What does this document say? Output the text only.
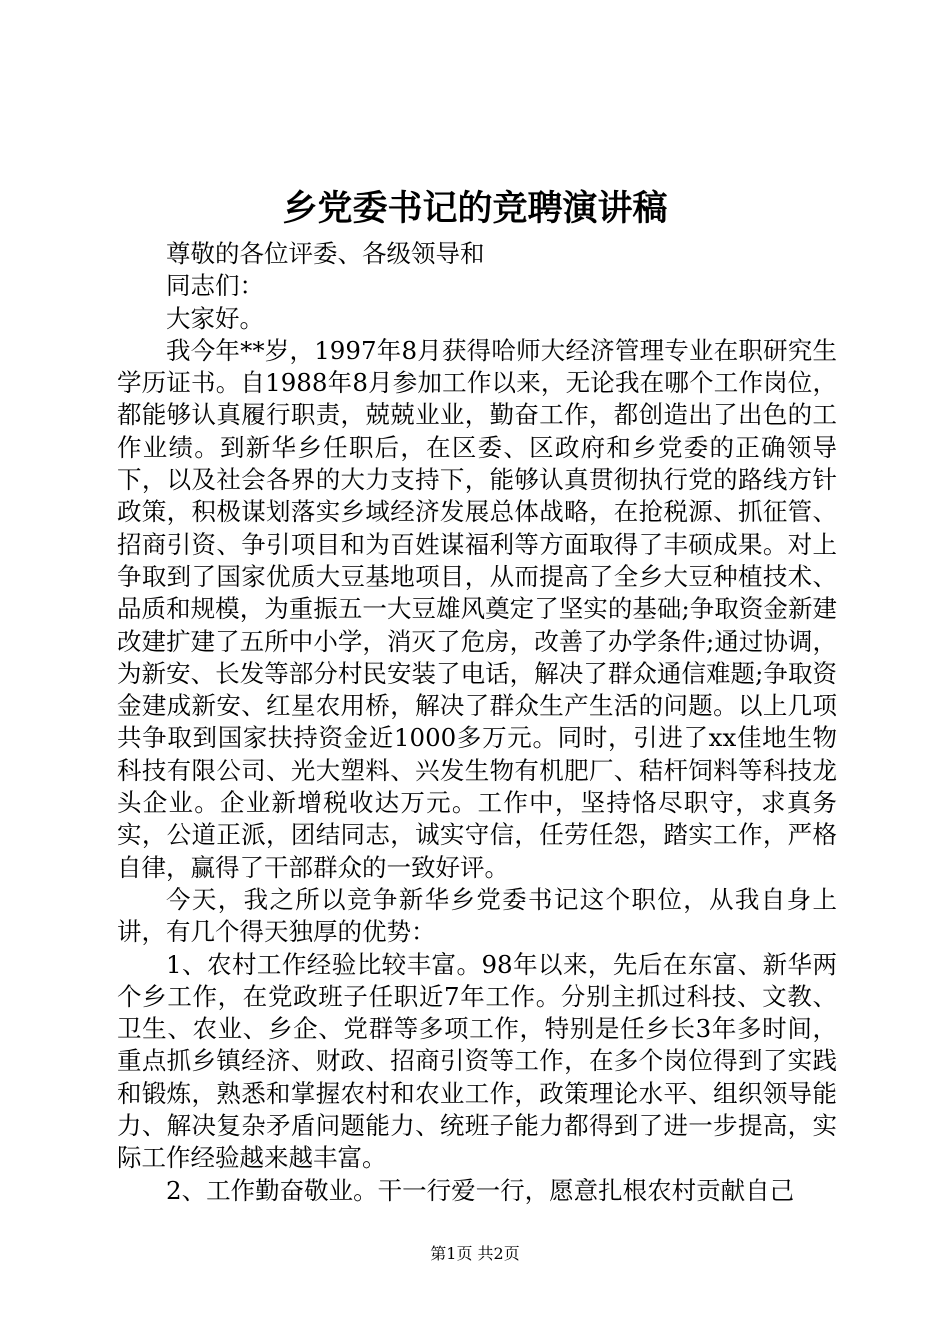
乡党委书记的竞聘演讲稿

尊敬的各位评委、各级领导和

同志们：

大家好。

我今年**岁，1997年8月获得哈师大经济管理专业在职研究生学历证书。自1988年8月参加工作以来，无论我在哪个工作岗位，都能够认真履行职责，兢兢业业，勤奋工作，都创造出了出色的工作业绩。到新华乡任职后，在区委、区政府和乡党委的正确领导下，以及社会各界的大力支持下，能够认真贯彻执行党的路线方针政策，积极谋划落实乡域经济发展总体战略，在抢税源、抓征管、招商引资、争引项目和为百姓谋福利等方面取得了丰硕成果。对上争取到了国家优质大豆基地项目，从而提高了全乡大豆种植技术、品质和规模，为重振五一大豆雄风奠定了坚实的基础;争取资金新建改建扩建了五所中小学，消灭了危房，改善了办学条件;通过协调，为新安、长发等部分村民安装了电话，解决了群众通信难题;争取资金建成新安、红星农用桥，解决了群众生产生活的问题。以上几项共争取到国家扶持资金近1000多万元。同时，引进了xx佳地生物科技有限公司、光大塑料、兴发生物有机肥厂、秸杆饲料等科技龙头企业。企业新增税收达万元。工作中，坚持恪尽职守，求真务实，公道正派，团结同志，诚实守信，任劳任怨，踏实工作，严格自律，赢得了干部群众的一致好评。

今天，我之所以竞争新华乡党委书记这个职位，从我自身上讲，有几个得天独厚的优势：

1、农村工作经验比较丰富。98年以来，先后在东富、新华两个乡工作，在党政班子任职近7年工作。分别主抓过科技、文教、卫生、农业、乡企、党群等多项工作，特别是任乡长3年多时间，重点抓乡镇经济、财政、招商引资等工作，在多个岗位得到了实践和锻炼，熟悉和掌握农村和农业工作，政策理论水平、组织领导能力、解决复杂矛盾问题能力、统班子能力都得到了进一步提高，实际工作经验越来越丰富。

2、工作勤奋敬业。干一行爱一行，愿意扎根农村贡献自己

第1页 共2页
